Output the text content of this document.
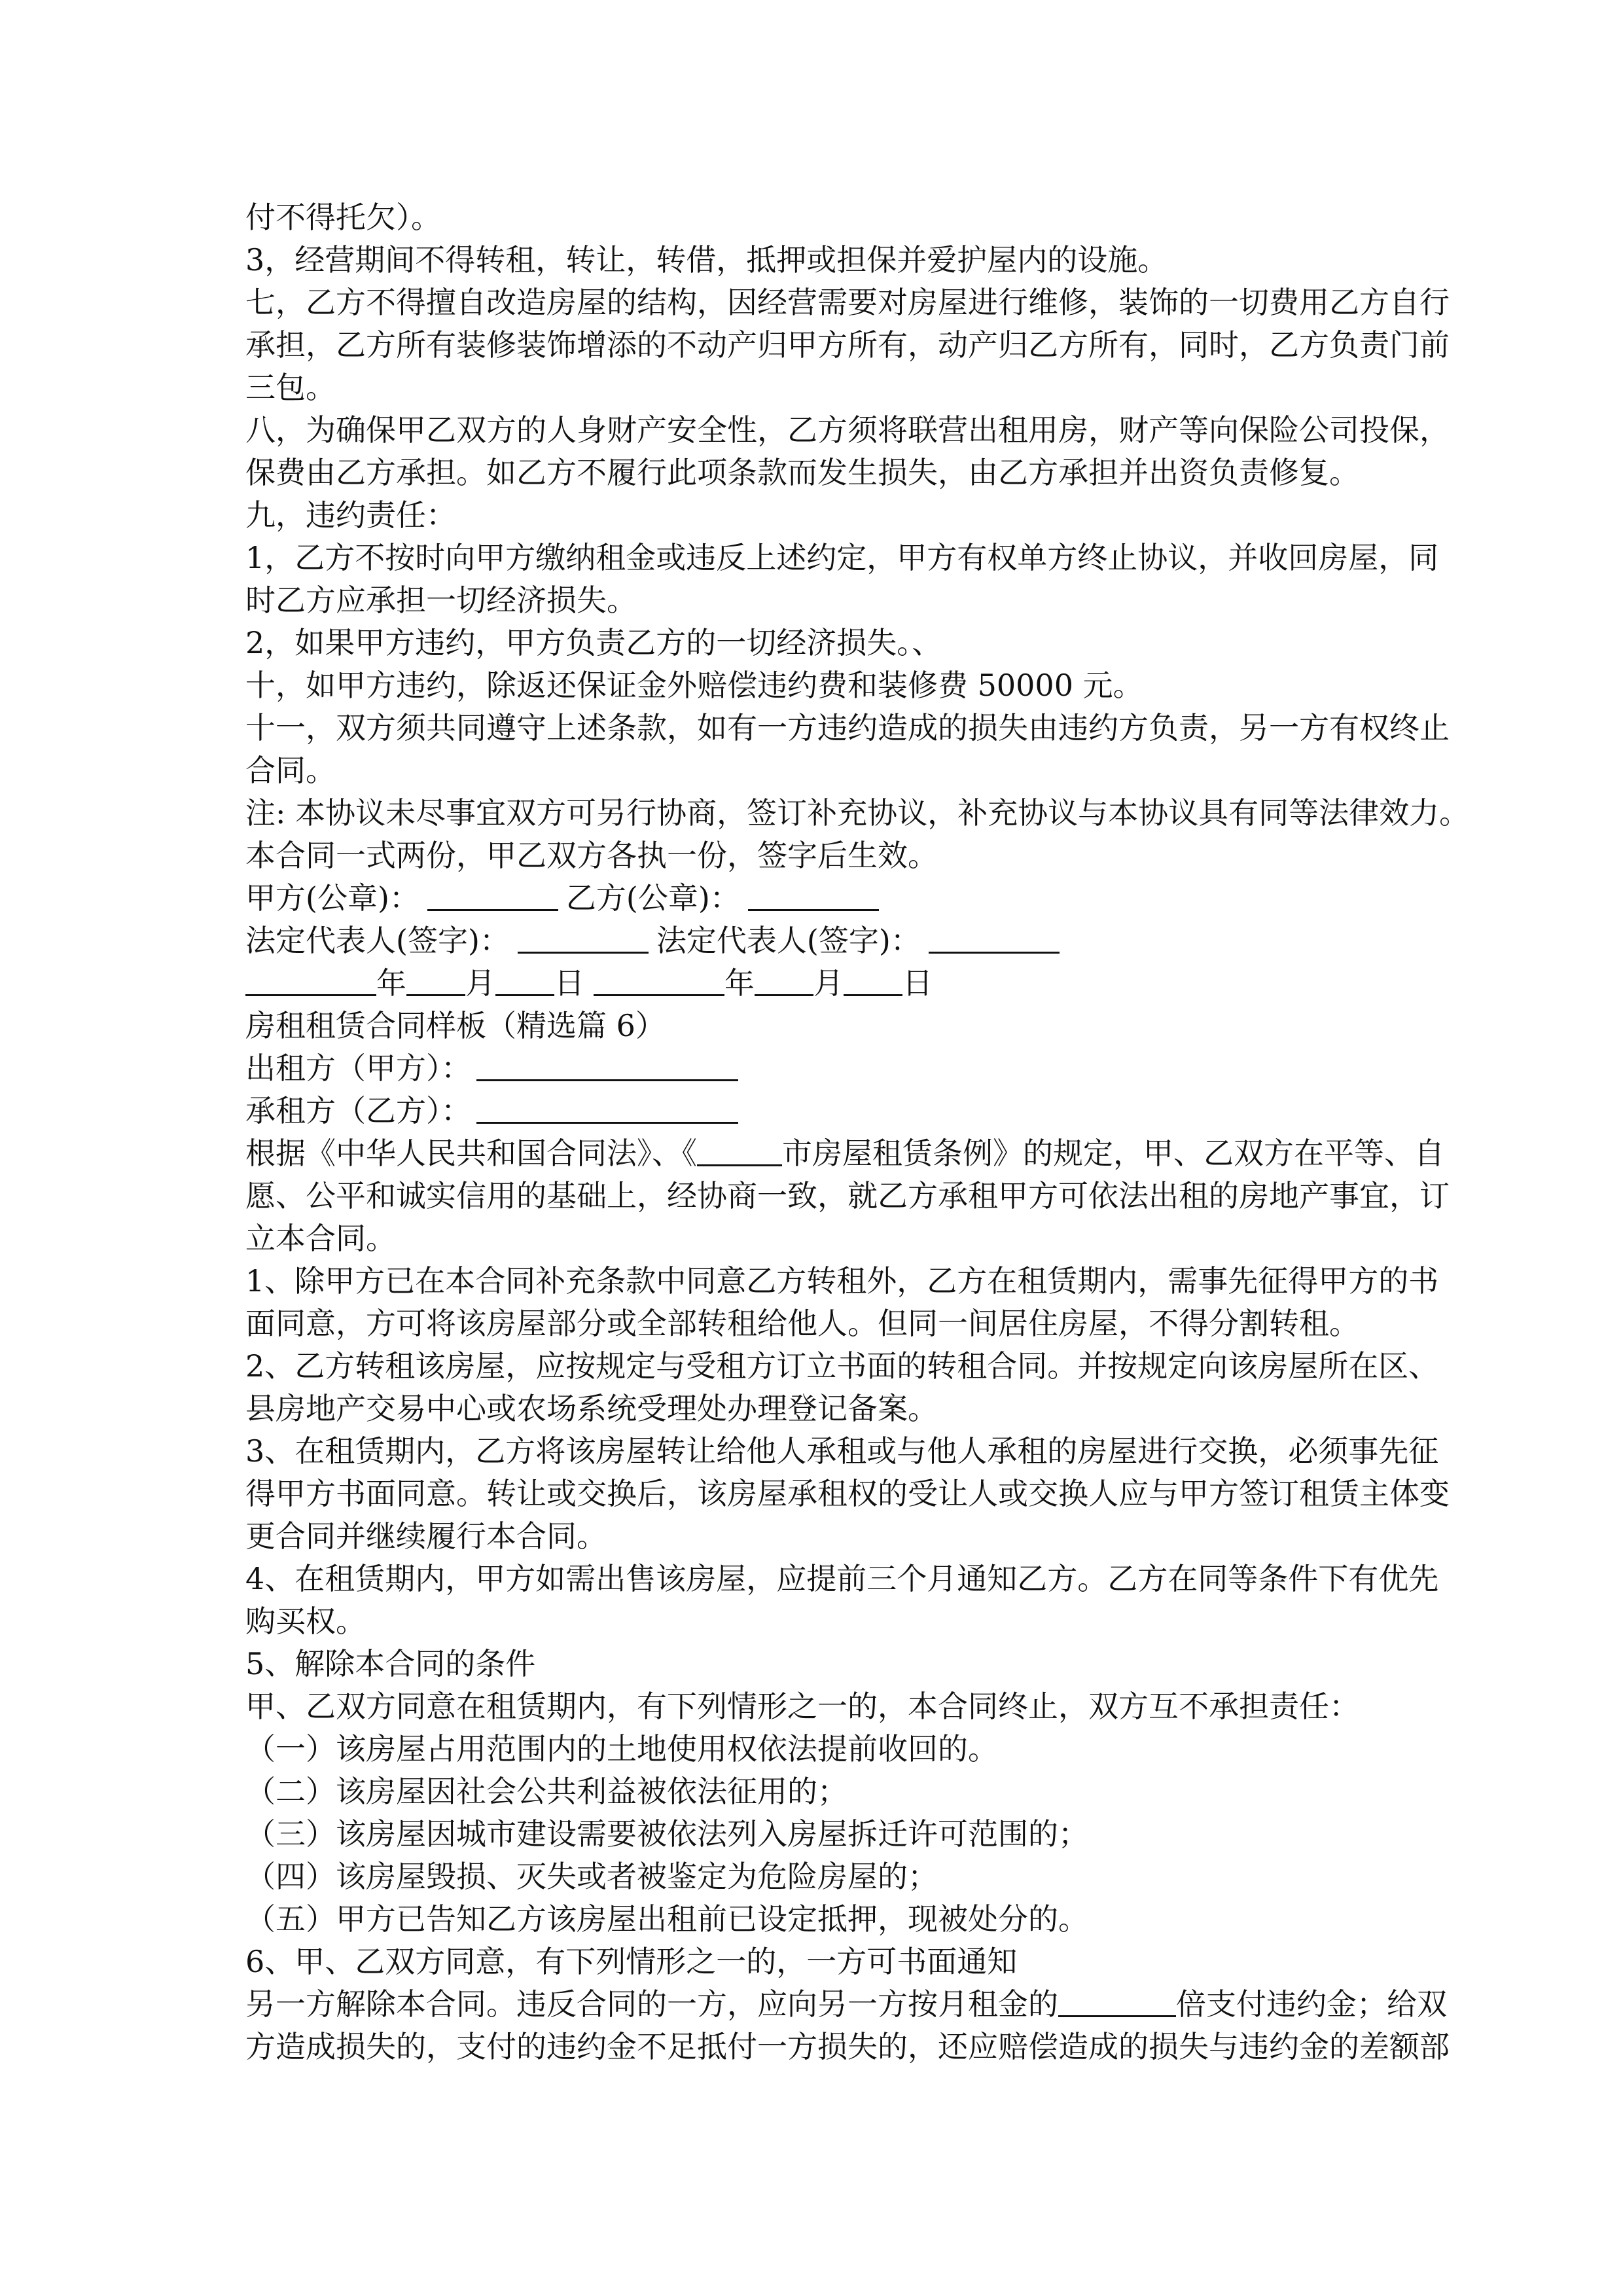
付不得托欠）。
3，经营期间不得转租，转让，转借，抵押或担保并爱护屋内的设施。
七，乙方不得擅自改造房屋的结构，因经营需要对房屋进行维修，装饰的一切费用乙方自行
承担，乙方所有装修装饰增添的不动产归甲方所有，动产归乙方所有，同时，乙方负责门前
三包。
八，为确保甲乙双方的人身财产安全性，乙方须将联营出租用房，财产等向保险公司投保，
保费由乙方承担。如乙方不履行此项条款而发生损失，由乙方承担并出资负责修复。
九，违约责任：
1，乙方不按时向甲方缴纳租金或违反上述约定，甲方有权单方终止协议，并收回房屋，同
时乙方应承担一切经济损失。
2，如果甲方违约，甲方负责乙方的一切经济损失。、
十，如甲方违约，除返还保证金外赔偿违约费和装修费 50000 元。
十一，双方须共同遵守上述条款，如有一方违约造成的损失由违约方负责，另一方有权终止
合同。
注: 本协议未尽事宜双方可另行协商，签订补充协议，补充协议与本协议具有同等法律效力。
本合同一式两份，甲乙双方各执一份，签字后生效。
甲方(公章)：	乙方(公章)：
法定代表人(签字)：	法定代表人(签字)：
年 月 日	年 月 日
房租租赁合同样板（精选篇 6）
出租方（甲方）：
承租方（乙方）：
根据《中华人民共和国合同法》、《	市房屋租赁条例》的规定，甲、乙双方在平等、自
愿、公平和诚实信用的基础上，经协商一致，就乙方承租甲方可依法出租的房地产事宜，订
立本合同。
1、除甲方已在本合同补充条款中同意乙方转租外，乙方在租赁期内，需事先征得甲方的书
面同意，方可将该房屋部分或全部转租给他人。但同一间居住房屋，不得分割转租。
2、乙方转租该房屋，应按规定与受租方订立书面的转租合同。并按规定向该房屋所在区、
县房地产交易中心或农场系统受理处办理登记备案。
3、在租赁期内，乙方将该房屋转让给他人承租或与他人承租的房屋进行交换，必须事先征
得甲方书面同意。转让或交换后，该房屋承租权的受让人或交换人应与甲方签订租赁主体变
更合同并继续履行本合同。
4、在租赁期内，甲方如需出售该房屋，应提前三个月通知乙方。乙方在同等条件下有优先
购买权。
5、解除本合同的条件
甲、乙双方同意在租赁期内，有下列情形之一的，本合同终止，双方互不承担责任：
（一）该房屋占用范围内的土地使用权依法提前收回的。
（二）该房屋因社会公共利益被依法征用的；
（三）该房屋因城市建设需要被依法列入房屋拆迁许可范围的；
（四）该房屋毁损、灭失或者被鉴定为危险房屋的；
（五）甲方已告知乙方该房屋出租前已设定抵押，现被处分的。
6、甲、乙双方同意，有下列情形之一的，一方可书面通知
另一方解除本合同。违反合同的一方，应向另一方按月租金的	倍支付违约金；给双
方造成损失的，支付的违约金不足抵付一方损失的，还应赔偿造成的损失与违约金的差额部
